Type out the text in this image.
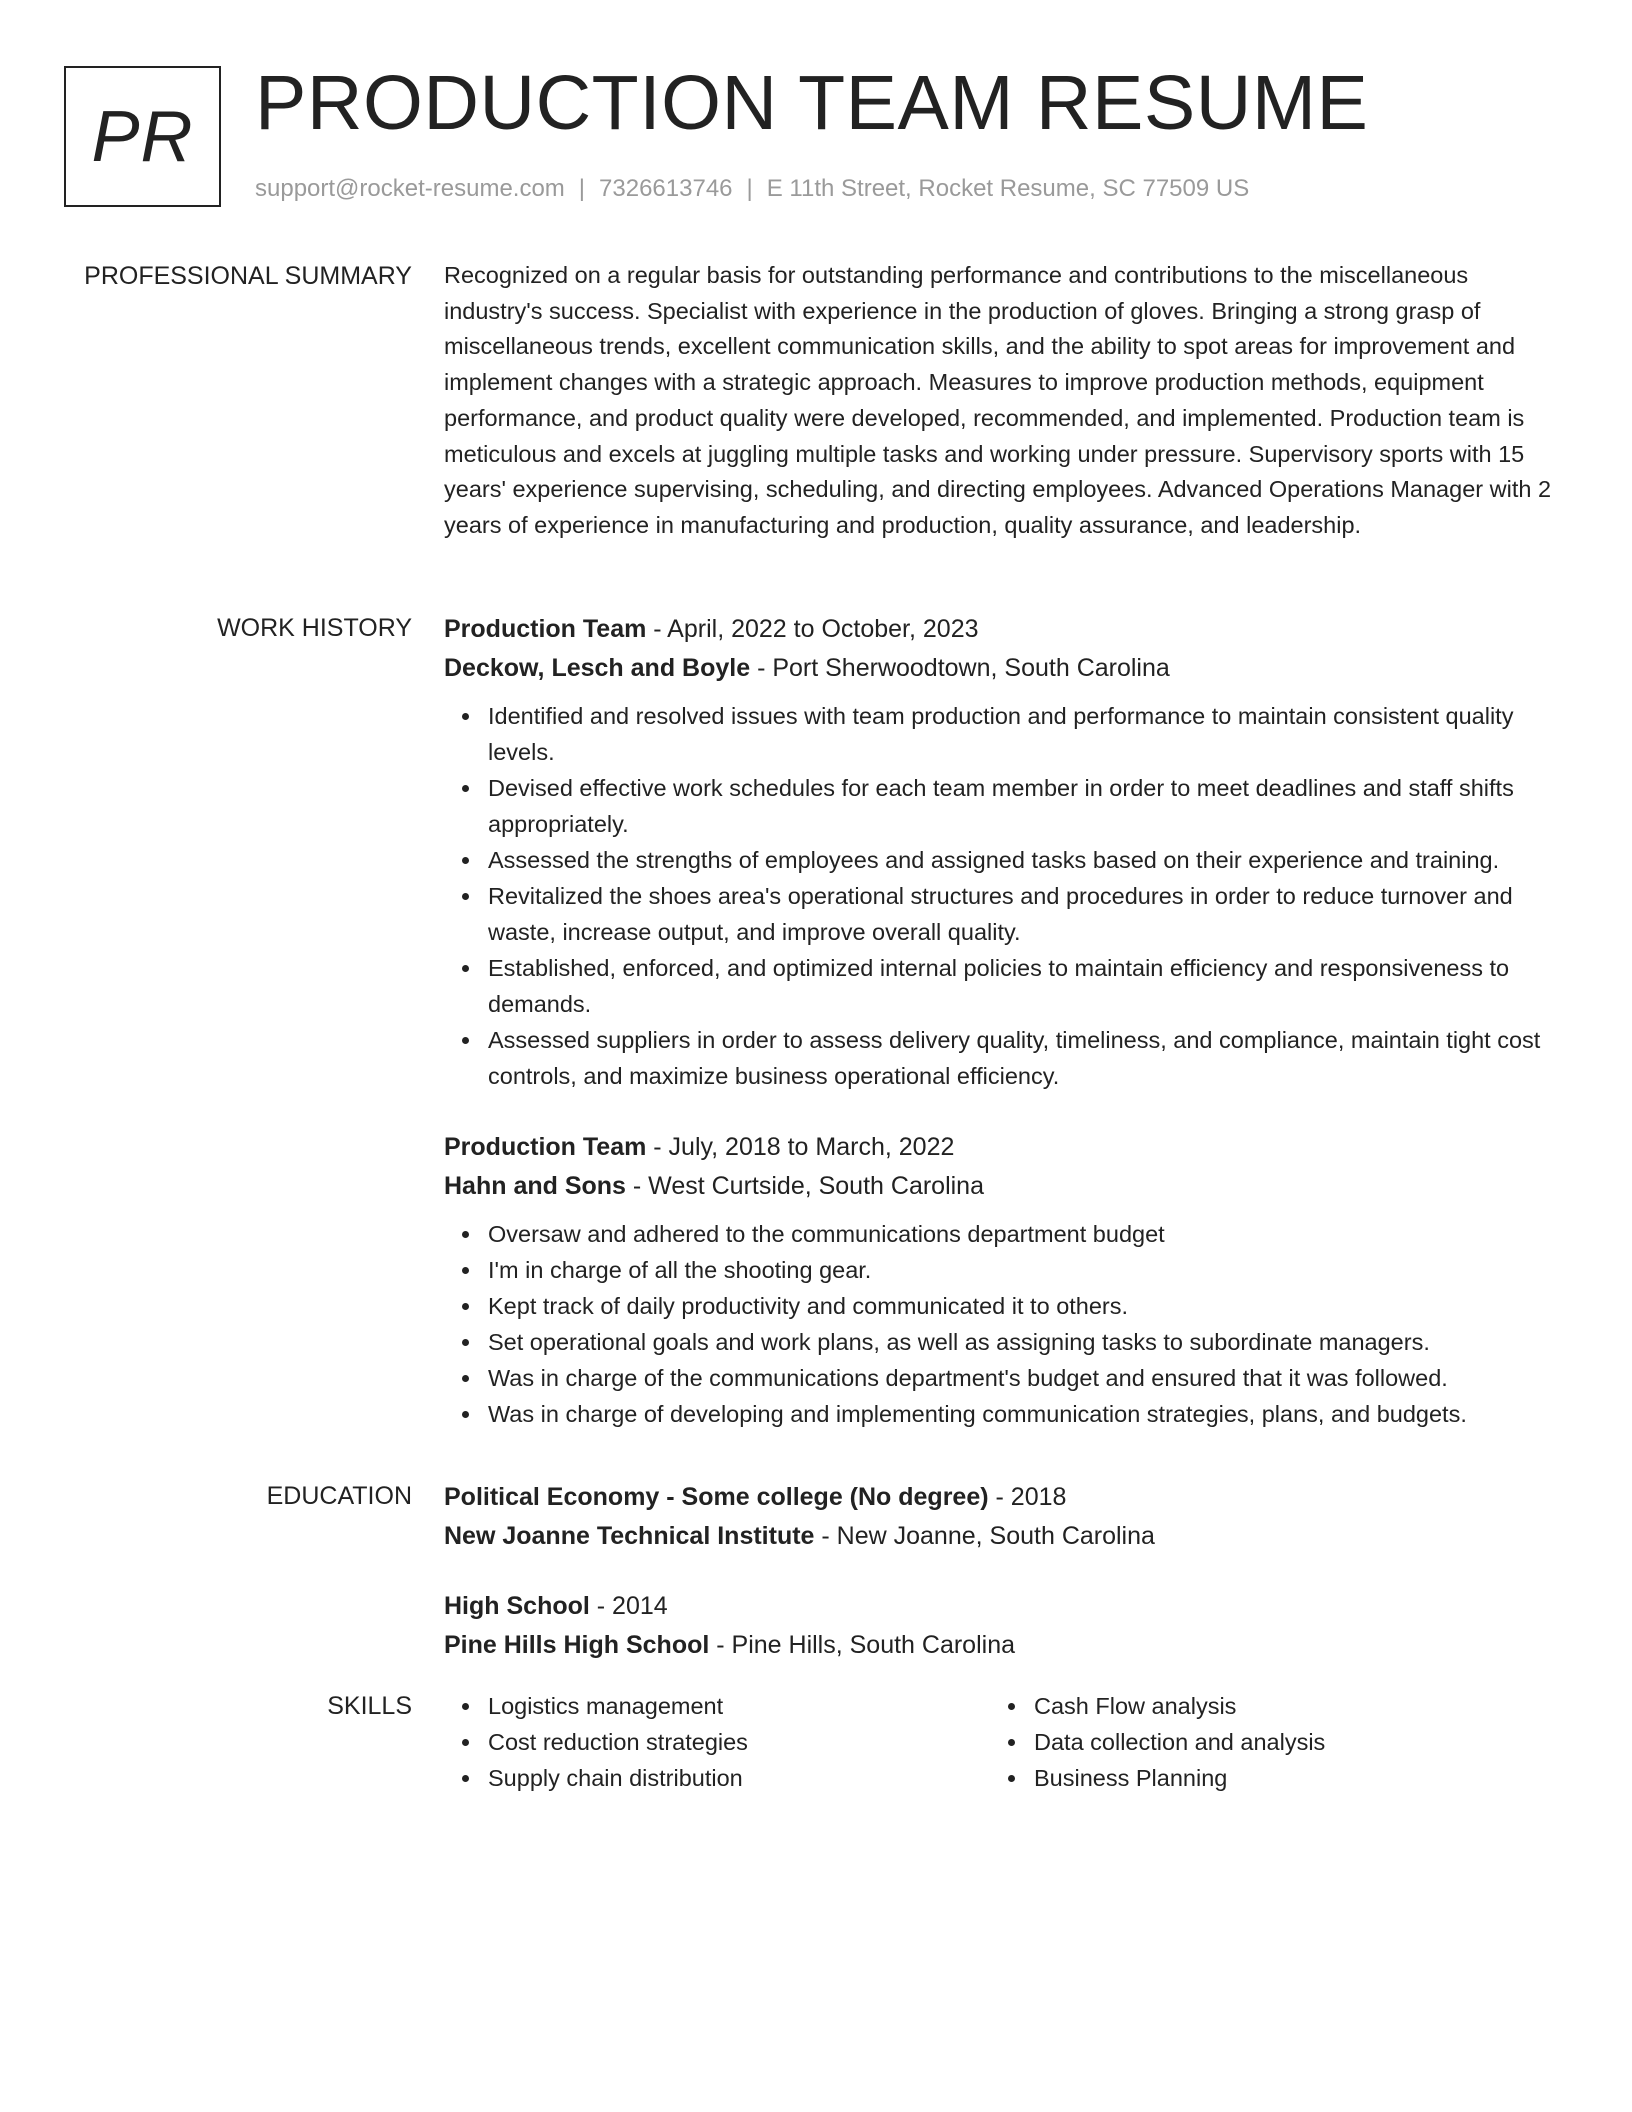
PR PRODUCTION TEAM RESUME
support@rocket-resume.com | 7326613746 | E 11th Street, Rocket Resume, SC 77509 US
PROFESSIONAL SUMMARY Recognized on a regular basis for outstanding performance and contributions to the miscellaneous industry's success. Specialist with experience in the production of gloves. Bringing a strong grasp of miscellaneous trends, excellent communication skills, and the ability to spot areas for improvement and implement changes with a strategic approach. Measures to improve production methods, equipment performance, and product quality were developed, recommended, and implemented. Production team is meticulous and excels at juggling multiple tasks and working under pressure. Supervisory sports with 15 years' experience supervising, scheduling, and directing employees. Advanced Operations Manager with 2 years of experience in manufacturing and production, quality assurance, and leadership.

WORK HISTORY Production Team - April, 2022 to October, 2023
Deckow, Lesch and Boyle - Port Sherwoodtown, South Carolina
Identified and resolved issues with team production and performance to maintain consistent quality levels.
Devised effective work schedules for each team member in order to meet deadlines and staff shifts appropriately.
Assessed the strengths of employees and assigned tasks based on their experience and training.
Revitalized the shoes area's operational structures and procedures in order to reduce turnover and waste, increase output, and improve overall quality.
Established, enforced, and optimized internal policies to maintain efficiency and responsiveness to demands.
Assessed suppliers in order to assess delivery quality, timeliness, and compliance, maintain tight cost controls, and maximize business operational efficiency.
Production Team - July, 2018 to March, 2022
Hahn and Sons - West Curtside, South Carolina
Oversaw and adhered to the communications department budget
I'm in charge of all the shooting gear.
Kept track of daily productivity and communicated it to others.
Set operational goals and work plans, as well as assigning tasks to subordinate managers.
Was in charge of the communications department's budget and ensured that it was followed.
Was in charge of developing and implementing communication strategies, plans, and budgets.
EDUCATION Political Economy - Some college (No degree) - 2018
New Joanne Technical Institute - New Joanne, South Carolina
High School - 2014
Pine Hills High School - Pine Hills, South Carolina
SKILLS	Logistics management
Cost reduction strategies
Supply chain distribution
Cash Flow analysis
Data collection and analysis
Business Planning
